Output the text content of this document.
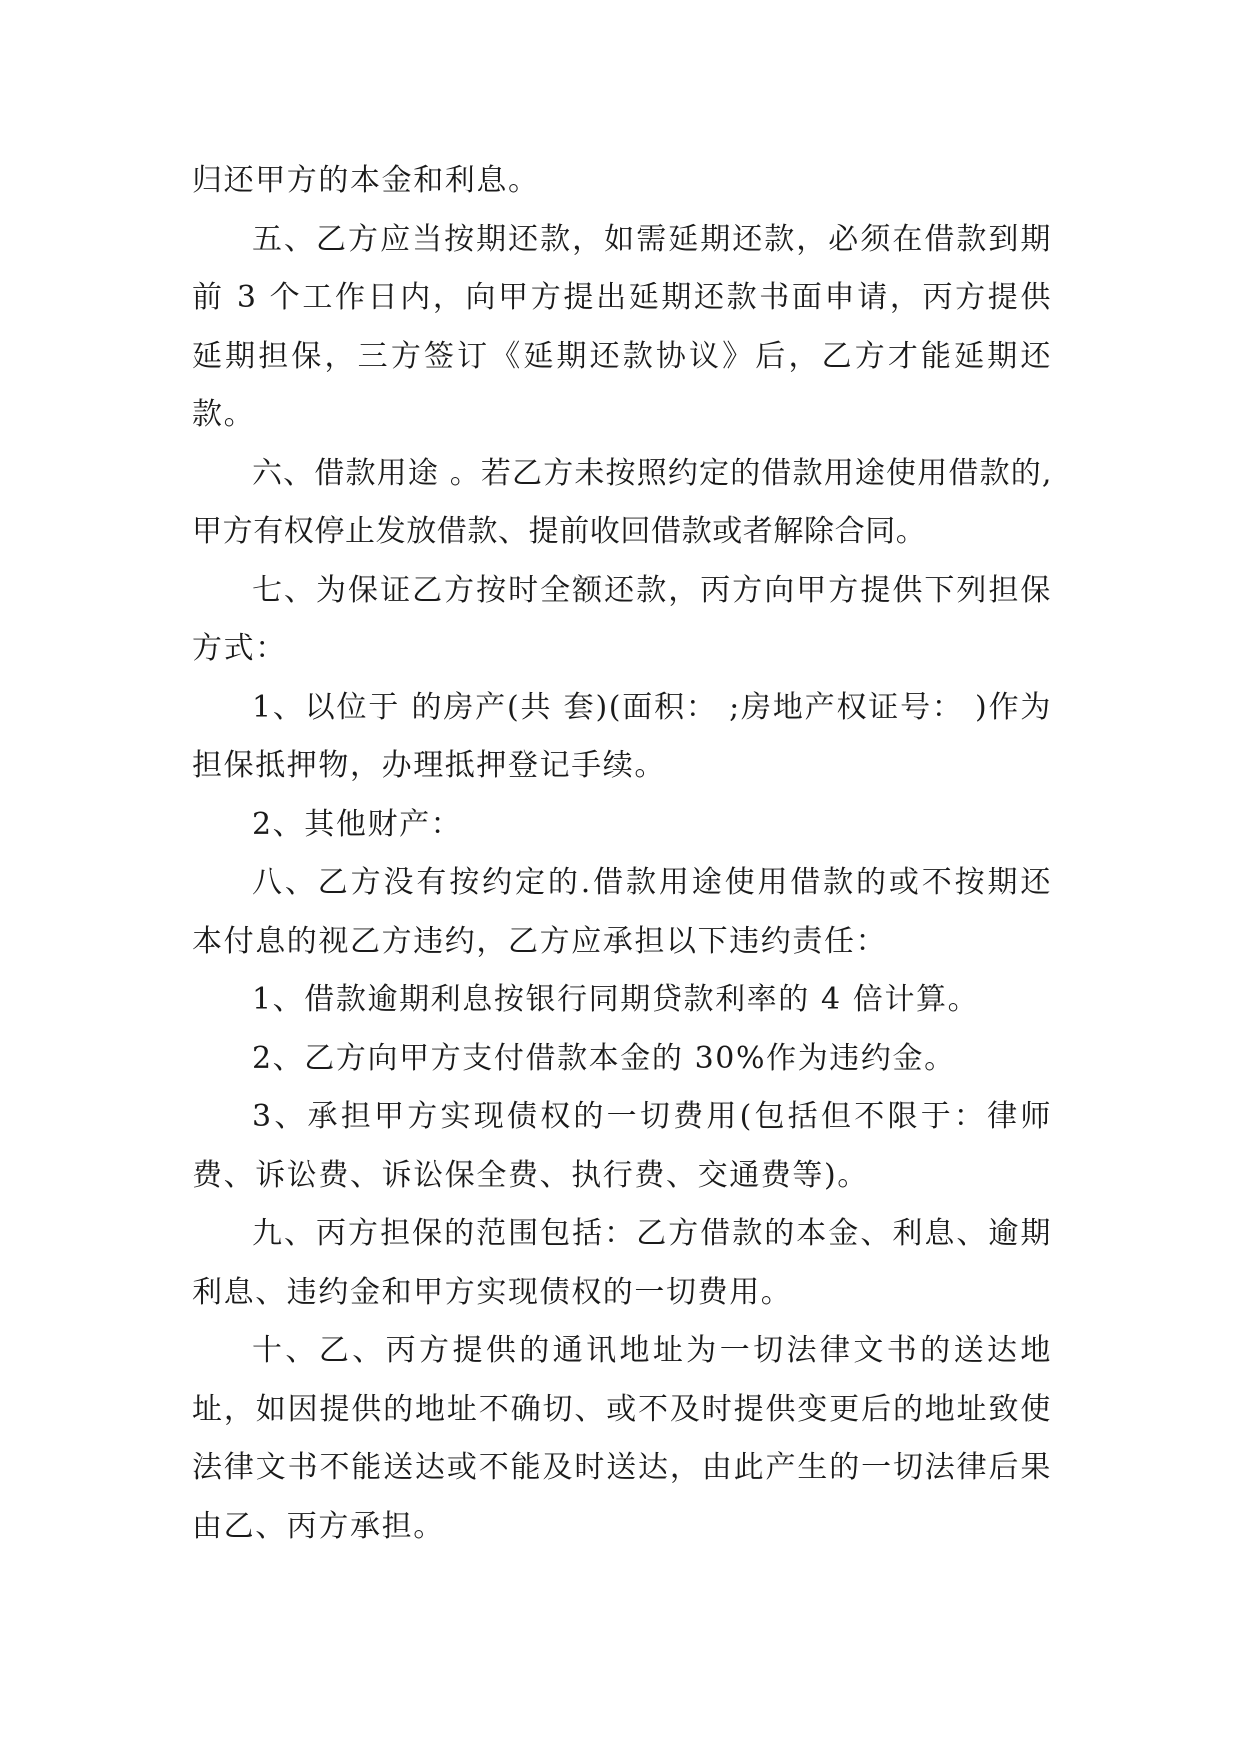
归还甲方的本金和利息。

五、乙方应当按期还款，如需延期还款，必须在借款到期前 3 个工作日内，向甲方提出延期还款书面申请，丙方提供延期担保，三方签订《延期还款协议》后，乙方才能延期还款。

六、借款用途 。若乙方未按照约定的借款用途使用借款的,甲方有权停止发放借款、提前收回借款或者解除合同。

七、为保证乙方按时全额还款，丙方向甲方提供下列担保方式：

1、以位于 的房产(共 套)(面积： ;房地产权证号： )作为担保抵押物，办理抵押登记手续。

2、其他财产：

八、乙方没有按约定的.借款用途使用借款的或不按期还本付息的视乙方违约，乙方应承担以下违约责任：

1、借款逾期利息按银行同期贷款利率的 4 倍计算。

2、乙方向甲方支付借款本金的 30%作为违约金。

3、承担甲方实现债权的一切费用(包括但不限于：律师费、诉讼费、诉讼保全费、执行费、交通费等)。

九、丙方担保的范围包括：乙方借款的本金、利息、逾期利息、违约金和甲方实现债权的一切费用。

十、乙、丙方提供的通讯地址为一切法律文书的送达地址，如因提供的地址不确切、或不及时提供变更后的地址致使法律文书不能送达或不能及时送达，由此产生的一切法律后果由乙、丙方承担。
